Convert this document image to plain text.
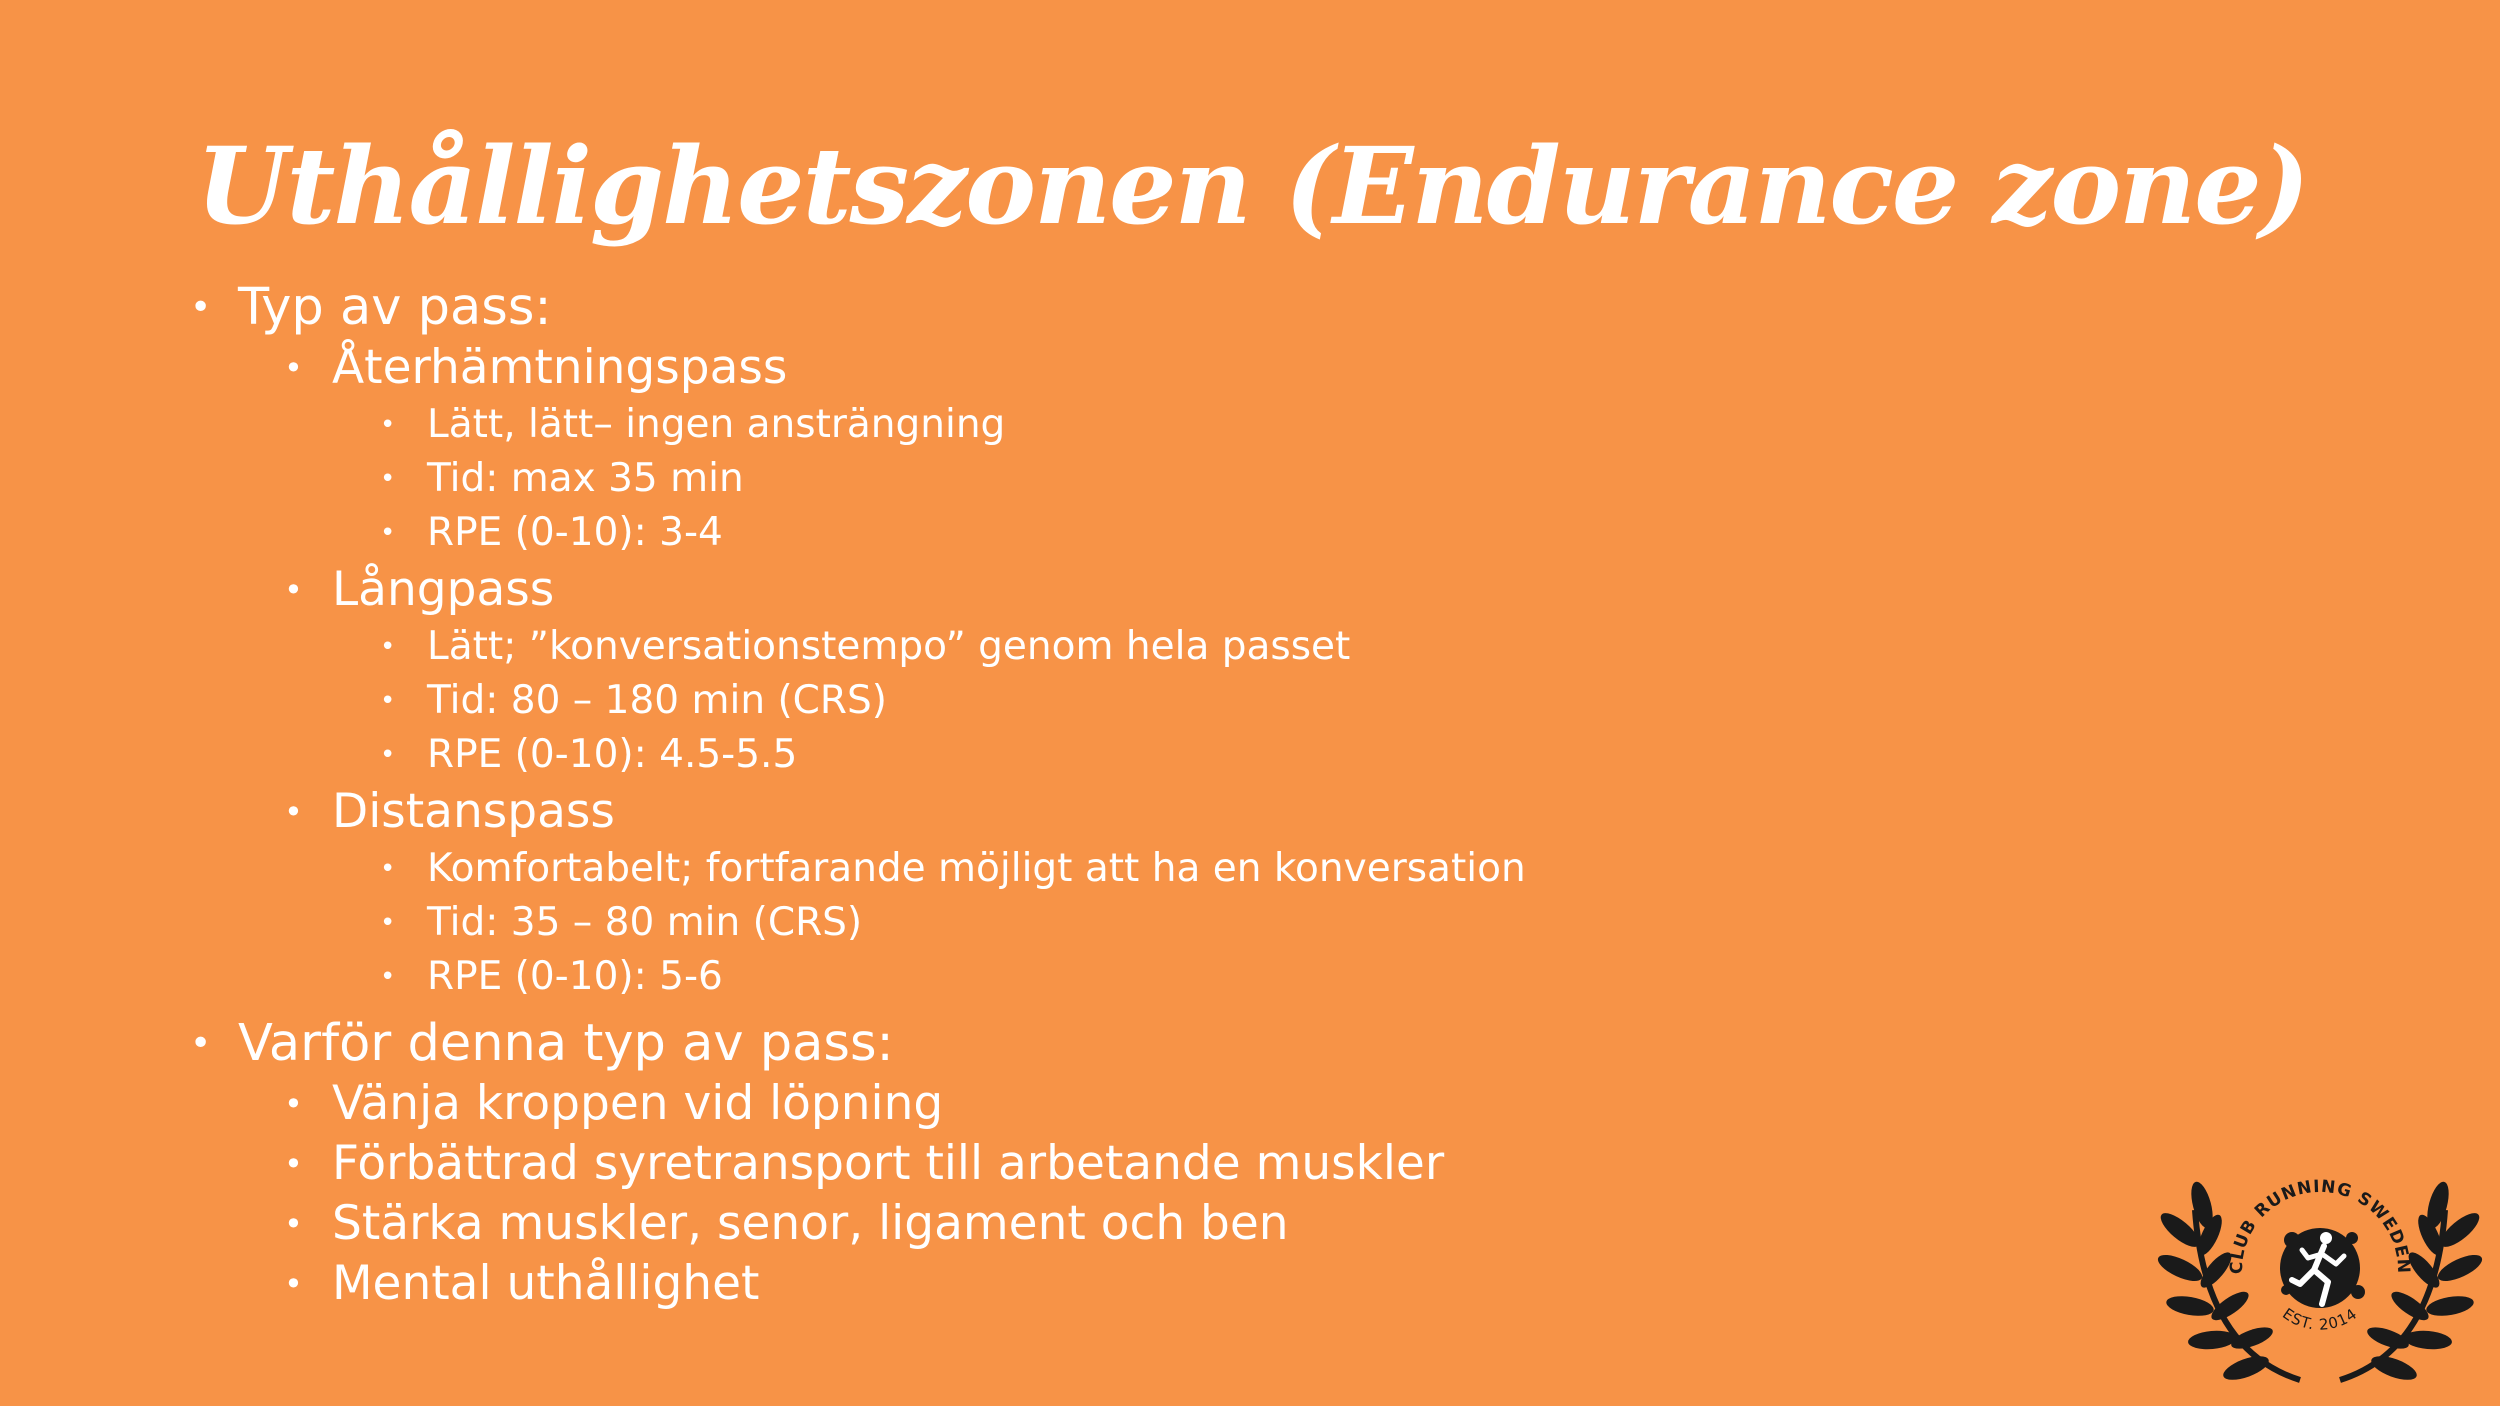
Uthållighetszonen (Endurance zone)
• Typ av pass:
• Återhämtningspass
• Lätt, lätt– ingen ansträngning
• Tid: max 35 min
• RPE (0-10): 3-4
• Långpass
• Lätt; ”konversationstempo” genom hela passet
• Tid: 80 – 180 min (CRS)
• RPE (0-10): 4.5-5.5
• Distanspass
• Komfortabelt; fortfarande möjligt att ha en konversation
• Tid: 35 – 80 min (CRS)
• RPE (0-10): 5-6
• Varför denna typ av pass:
• Vänja kroppen vid löpning
• Förbättrad syretransport till arbetande muskler
• Stärka muskler, senor, ligament och ben
• Mental uthållighet	CLUB RUNNING SWEDEN
EST. 2014
